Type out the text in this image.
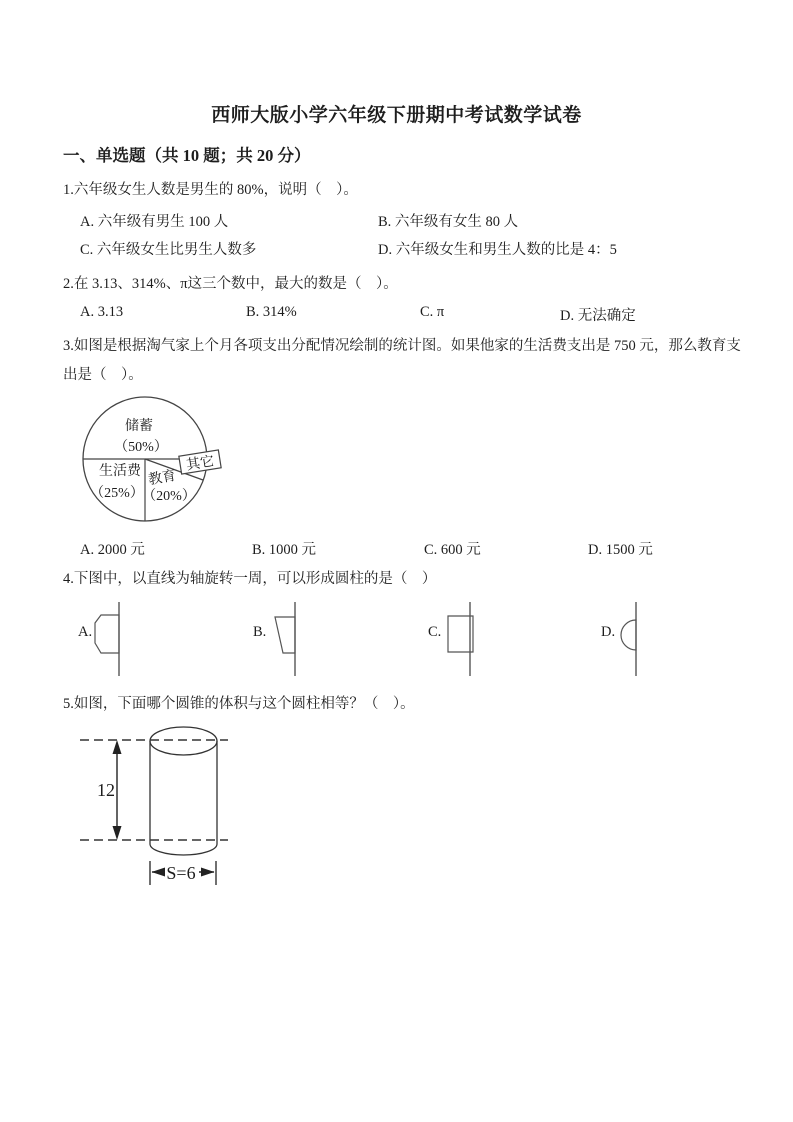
西师大版小学六年级下册期中考试数学试卷
一、单选题（共 10 题；共 20 分）
1.六年级女生人数是男生的 80%，说明（　）。
A. 六年级有男生 100 人	B. 六年级有女生 80 人
C. 六年级女生比男生人数多	D. 六年级女生和男生人数的比是 4：5
2.在 3.13、314%、π这三个数中，最大的数是（　）。
A. 3.13	B. 314%	C. π	D. 无法确定
3.如图是根据淘气家上个月各项支出分配情况绘制的统计图。如果他家的生活费支出是 750 元，那么教育支出是（　）。
储蓄
（50%）
生活费
（25%）
教育
（20%）
其它
A. 2000 元	B. 1000 元	C. 600 元	D. 1500 元
4.下图中，以直线为轴旋转一周，可以形成圆柱的是（　）
A.	B.	C.	D.
5.如图，下面哪个圆锥的体积与这个圆柱相等？（　）。
12
S=6
